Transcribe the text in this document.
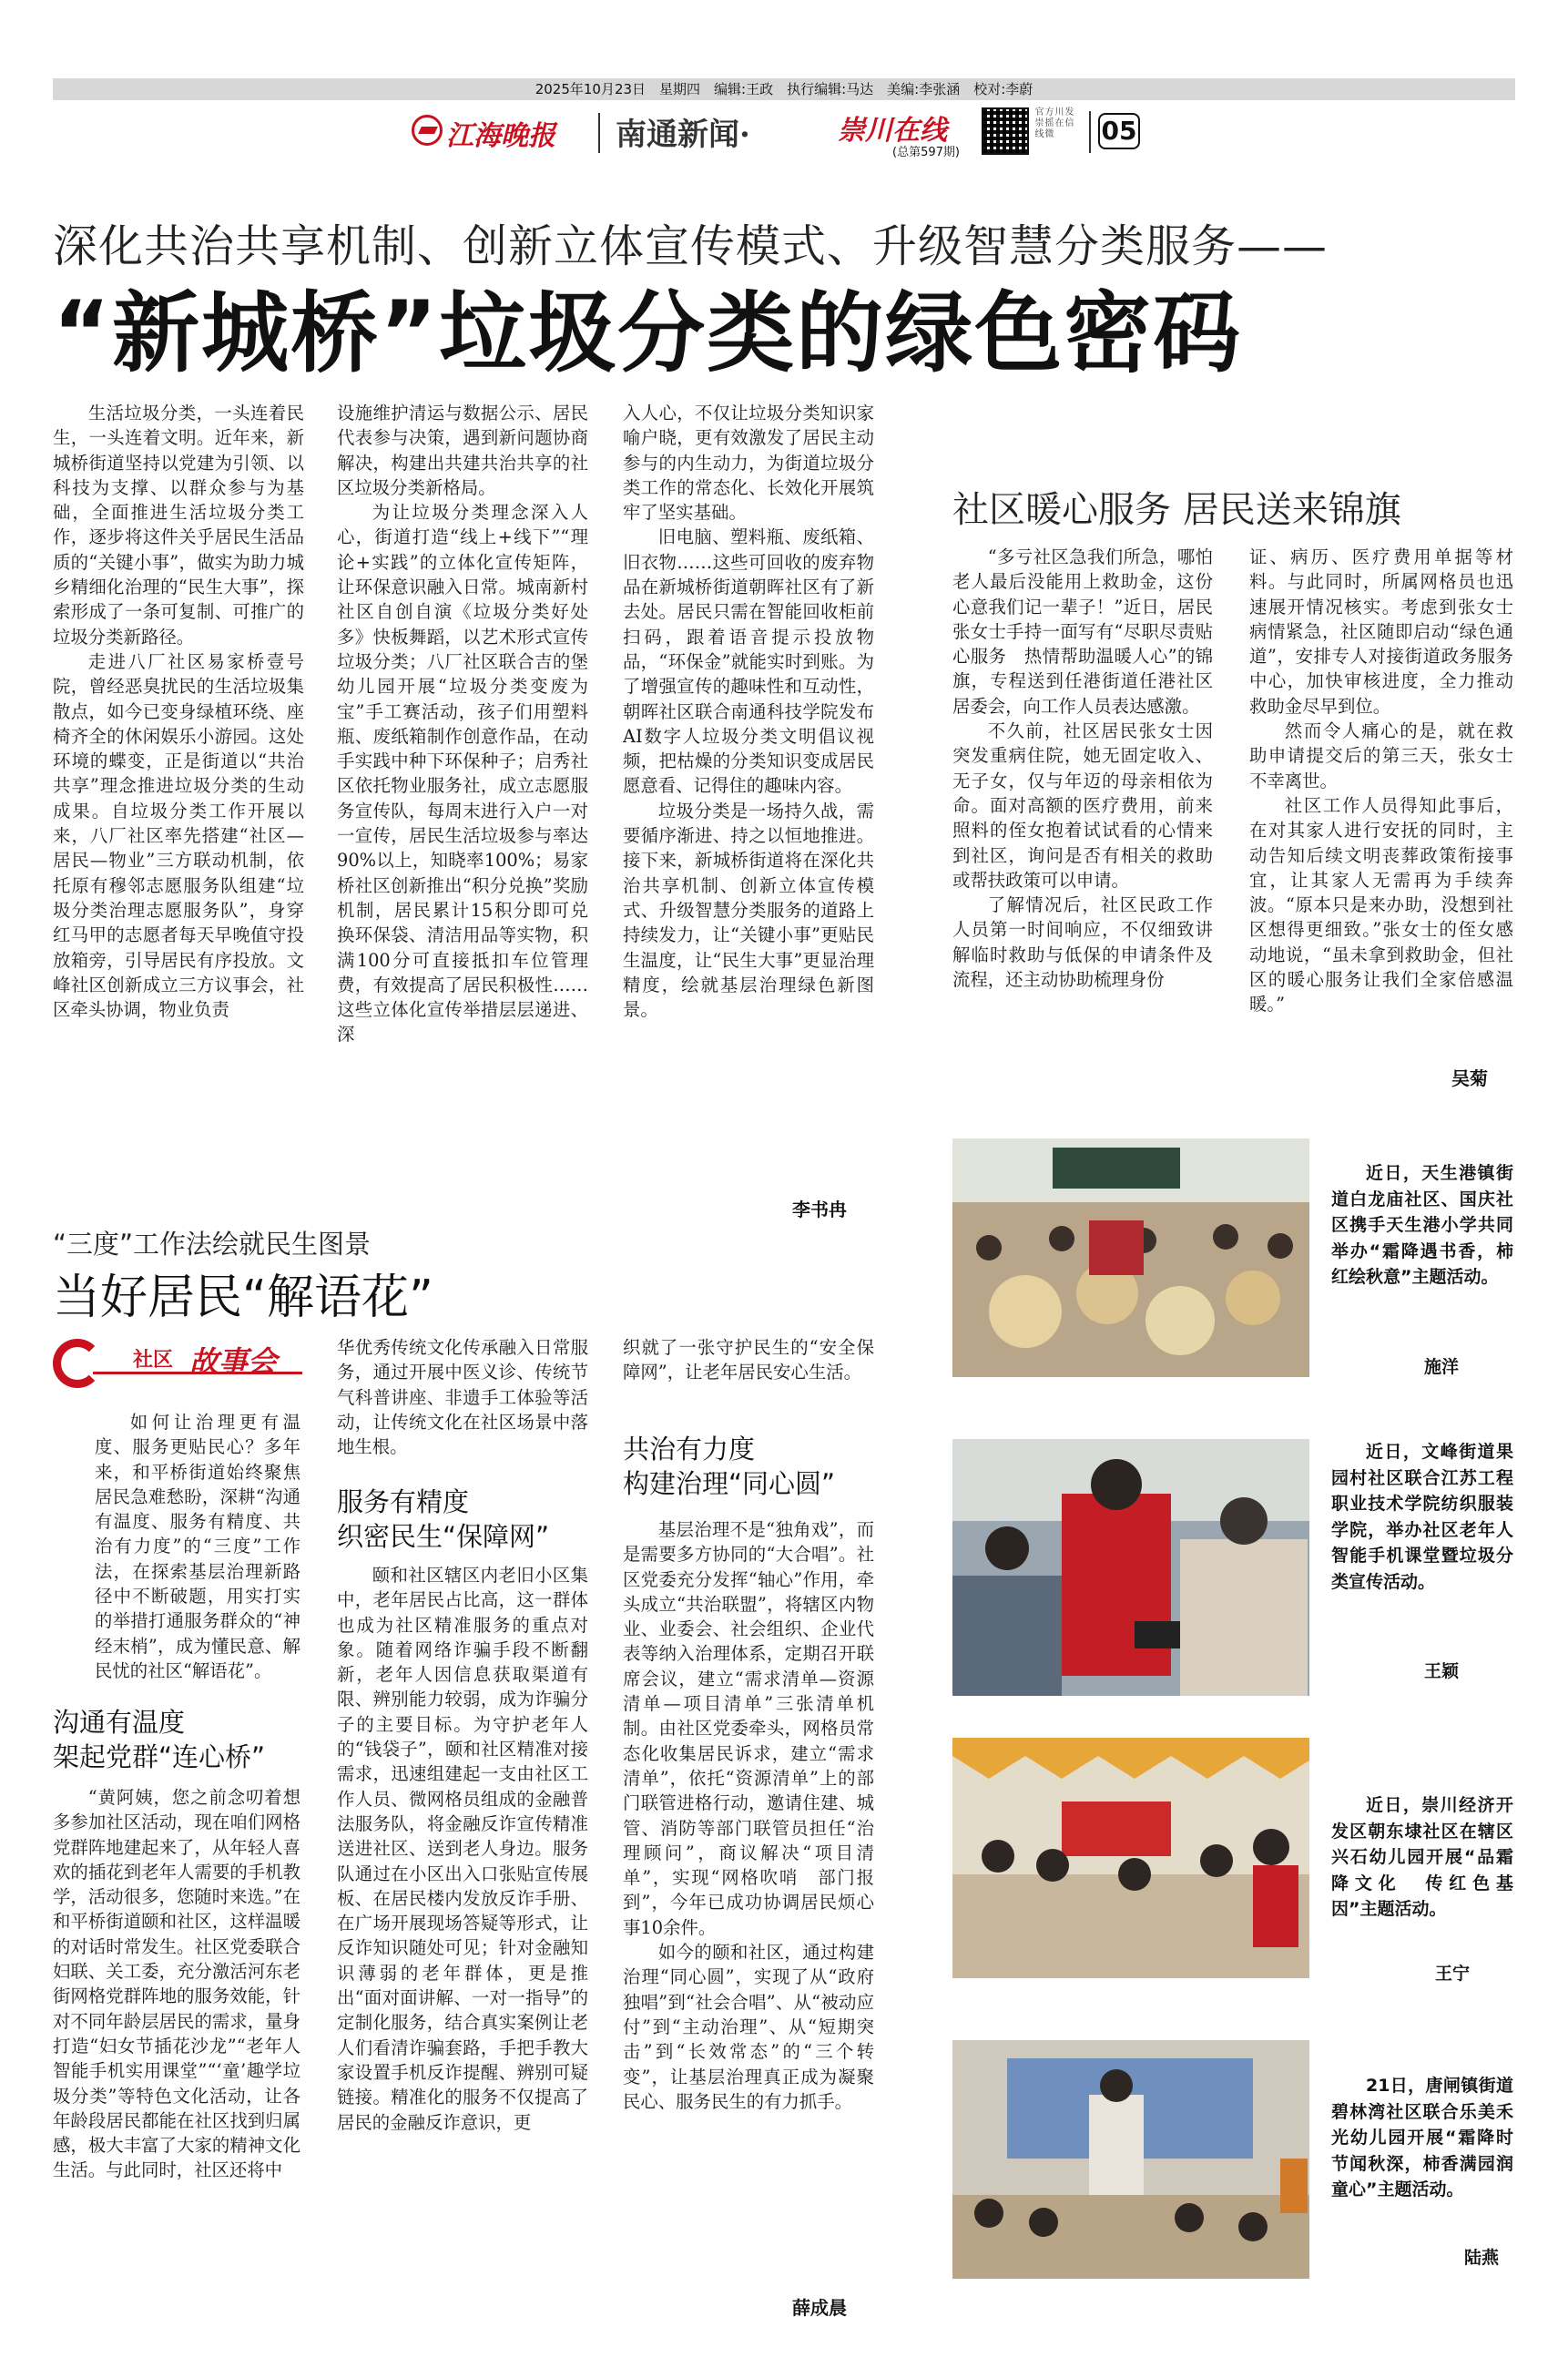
2025年10月23日　星期四　编辑:王政　执行编辑:马达　美编:李张涵　校对:李蔚
江海晚报 南通新闻·	崇川在线
(总第597期)
官方川发崇摇在信线微	05
深化共治共享机制、创新立体宣传模式、升级智慧分类服务——
“新城桥”垃圾分类的绿色密码

生活垃圾分类，一头连着民生，一头连着文明。近年来，新城桥街道坚持以党建为引领、以科技为支撑、以群众参与为基础，全面推进生活垃圾分类工作，逐步将这件关乎居民生活品质的“关键小事”，做实为助力城乡精细化治理的“民生大事”，探索形成了一条可复制、可推广的垃圾分类新路径。

走进八厂社区易家桥壹号院，曾经恶臭扰民的生活垃圾集散点，如今已变身绿植环绕、座椅齐全的休闲娱乐小游园。这处环境的蝶变，正是街道以“共治共享”理念推进垃圾分类的生动成果。自垃圾分类工作开展以来，八厂社区率先搭建“社区—居民—物业”三方联动机制，依托原有穆邻志愿服务队组建“垃圾分类治理志愿服务队”，身穿红马甲的志愿者每天早晚值守投放箱旁，引导居民有序投放。文峰社区创新成立三方议事会，社区牵头协调，物业负责

设施维护清运与数据公示、居民代表参与决策，遇到新问题协商解决，构建出共建共治共享的社区垃圾分类新格局。

为让垃圾分类理念深入人心，街道打造“线上+线下”“理论+实践”的立体化宣传矩阵，让环保意识融入日常。城南新村社区自创自演《垃圾分类好处多》快板舞蹈，以艺术形式宣传垃圾分类；八厂社区联合吉的堡幼儿园开展“垃圾分类变废为宝”手工赛活动，孩子们用塑料瓶、废纸箱制作创意作品，在动手实践中种下环保种子；启秀社区依托物业服务社，成立志愿服务宣传队，每周末进行入户一对一宣传，居民生活垃圾参与率达90%以上，知晓率100%；易家桥社区创新推出“积分兑换”奖励机制，居民累计15积分即可兑换环保袋、清洁用品等实物，积满100分可直接抵扣车位管理费，有效提高了居民积极性……这些立体化宣传举措层层递进、深

入人心，不仅让垃圾分类知识家喻户晓，更有效激发了居民主动参与的内生动力，为街道垃圾分类工作的常态化、长效化开展筑牢了坚实基础。

旧电脑、塑料瓶、废纸箱、旧衣物……这些可回收的废弃物品在新城桥街道朝晖社区有了新去处。居民只需在智能回收柜前扫码，跟着语音提示投放物品，“环保金”就能实时到账。为了增强宣传的趣味性和互动性，朝晖社区联合南通科技学院发布AI数字人垃圾分类文明倡议视频，把枯燥的分类知识变成居民愿意看、记得住的趣味内容。

垃圾分类是一场持久战，需要循序渐进、持之以恒地推进。接下来，新城桥街道将在深化共治共享机制、创新立体宣传模式、升级智慧分类服务的道路上持续发力，让“关键小事”更贴民生温度，让“民生大事”更显治理精度，绘就基层治理绿色新图景。

李书冉
社区暖心服务 居民送来锦旗

“多亏社区急我们所急，哪怕老人最后没能用上救助金，这份心意我们记一辈子！”近日，居民张女士手持一面写有“尽职尽责贴心服务　热情帮助温暖人心”的锦旗，专程送到任港街道任港社区居委会，向工作人员表达感激。

不久前，社区居民张女士因突发重病住院，她无固定收入、无子女，仅与年迈的母亲相依为命。面对高额的医疗费用，前来照料的侄女抱着试试看的心情来到社区，询问是否有相关的救助或帮扶政策可以申请。

了解情况后，社区民政工作人员第一时间响应，不仅细致讲解临时救助与低保的申请条件及流程，还主动协助梳理身份

证、病历、医疗费用单据等材料。与此同时，所属网格员也迅速展开情况核实。考虑到张女士病情紧急，社区随即启动“绿色通道”，安排专人对接街道政务服务中心，加快审核进度，全力推动救助金尽早到位。

然而令人痛心的是，就在救助申请提交后的第三天，张女士不幸离世。

社区工作人员得知此事后，在对其家人进行安抚的同时，主动告知后续文明丧葬政策衔接事宜，让其家人无需再为手续奔波。“原本只是来办助，没想到社区想得更细致。”张女士的侄女感动地说，“虽未拿到救助金，但社区的暖心服务让我们全家倍感温暖。”

吴菊
“三度”工作法绘就民生图景
当好居民“解语花”
社区 故事会

如何让治理更有温度、服务更贴民心？多年来，和平桥街道始终聚焦居民急难愁盼，深耕“沟通有温度、服务有精度、共治有力度”的“三度”工作法，在探索基层治理新路径中不断破题，用实打实的举措打通服务群众的“神经末梢”，成为懂民意、解民忧的社区“解语花”。

沟通有温度
架起党群“连心桥”

“黄阿姨，您之前念叨着想多参加社区活动，现在咱们网格党群阵地建起来了，从年轻人喜欢的插花到老年人需要的手机教学，活动很多，您随时来选。”在和平桥街道颐和社区，这样温暖的对话时常发生。社区党委联合妇联、关工委，充分激活河东老街网格党群阵地的服务效能，针对不同年龄层居民的需求，量身打造“妇女节插花沙龙”“老年人智能手机实用课堂”“‘童’趣学垃圾分类”等特色文化活动，让各年龄段居民都能在社区找到归属感，极大丰富了大家的精神文化生活。与此同时，社区还将中

华优秀传统文化传承融入日常服务，通过开展中医义诊、传统节气科普讲座、非遗手工体验等活动，让传统文化在社区场景中落地生根。

服务有精度
织密民生“保障网”

颐和社区辖区内老旧小区集中，老年居民占比高，这一群体也成为社区精准服务的重点对象。随着网络诈骗手段不断翻新，老年人因信息获取渠道有限、辨别能力较弱，成为诈骗分子的主要目标。为守护老年人的“钱袋子”，颐和社区精准对接需求，迅速组建起一支由社区工作人员、微网格员组成的金融普法服务队，将金融反诈宣传精准送进社区、送到老人身边。服务队通过在小区出入口张贴宣传展板、在居民楼内发放反诈手册、在广场开展现场答疑等形式，让反诈知识随处可见；针对金融知识薄弱的老年群体，更是推出“面对面讲解、一对一指导”的定制化服务，结合真实案例让老人们看清诈骗套路，手把手教大家设置手机反诈提醒、辨别可疑链接。精准化的服务不仅提高了居民的金融反诈意识，更

织就了一张守护民生的“安全保障网”，让老年居民安心生活。

共治有力度
构建治理“同心圆”

基层治理不是“独角戏”，而是需要多方协同的“大合唱”。社区党委充分发挥“轴心”作用，牵头成立“共治联盟”，将辖区内物业、业委会、社会组织、企业代表等纳入治理体系，定期召开联席会议，建立“需求清单—资源清单—项目清单”三张清单机制。由社区党委牵头，网格员常态化收集居民诉求，建立“需求清单”，依托“资源清单”上的部门联管进格行动，邀请住建、城管、消防等部门联管员担任“治理顾问”，商议解决“项目清单”，实现“网格吹哨　部门报到”，今年已成功协调居民烦心事10余件。

如今的颐和社区，通过构建治理“同心圆”，实现了从“政府独唱”到“社会合唱”、从“被动应付”到“主动治理”、从“短期突击”到“长效常态”的“三个转变”，让基层治理真正成为凝聚民心、服务民生的有力抓手。

薛成晨
近日，天生港镇街道白龙庙社区、国庆社区携手天生港小学共同举办“霜降遇书香，柿红绘秋意”主题活动。
施洋
近日，文峰街道果园村社区联合江苏工程职业技术学院纺织服装学院，举办社区老年人智能手机课堂暨垃圾分类宣传活动。
王颖
近日，崇川经济开发区朝东埭社区在辖区兴石幼儿园开展“品霜降文化　传红色基因”主题活动。
王宁
21日，唐闸镇街道碧林湾社区联合乐美禾光幼儿园开展“霜降时节闻秋深，柿香满园润童心”主题活动。
陆燕
